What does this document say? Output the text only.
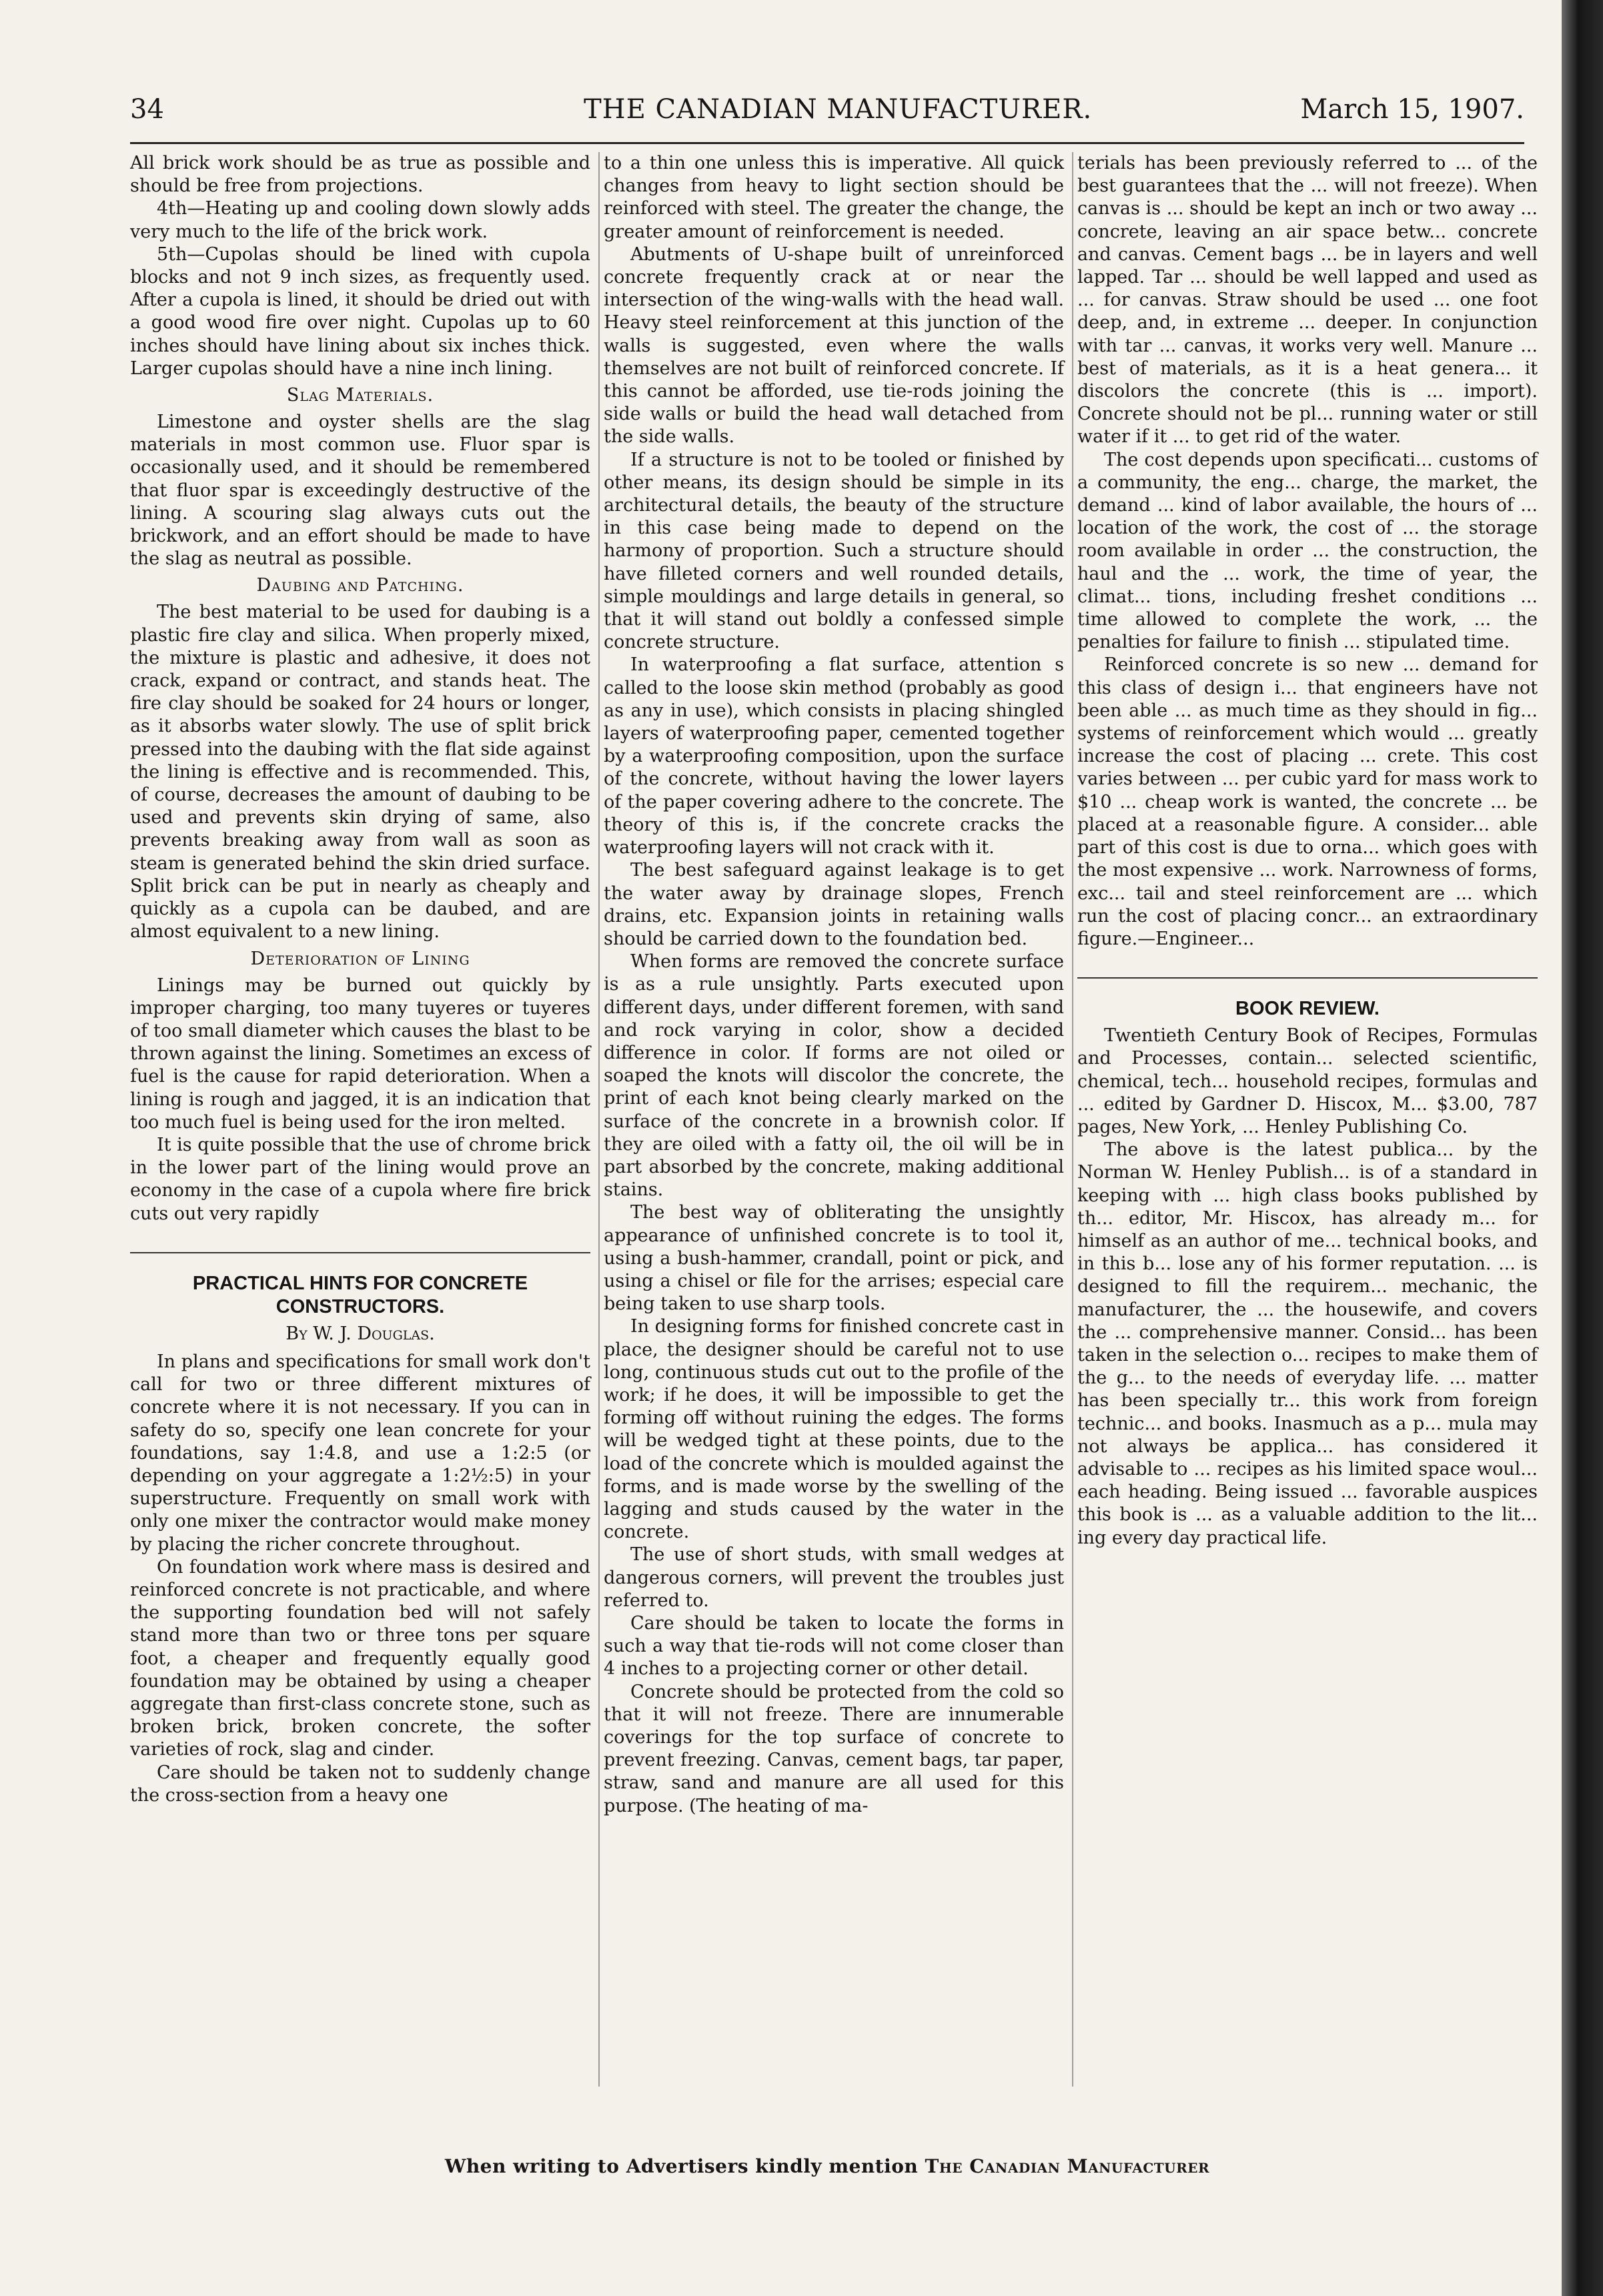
34	THE CANADIAN MANUFACTURER.	March 15, 1907.

All brick work should be as true as possible and should be free from projections.

4th—Heating up and cooling down slowly adds very much to the life of the brick work.

5th—Cupolas should be lined with cupola blocks and not 9 inch sizes, as frequently used. After a cupola is lined, it should be dried out with a good wood fire over night. Cupolas up to 60 inches should have lining about six inches thick. Larger cupolas should have a nine inch lining.

Slag Materials.

Limestone and oyster shells are the slag materials in most common use. Fluor spar is occasionally used, and it should be remembered that fluor spar is exceedingly destructive of the lining. A scouring slag always cuts out the brickwork, and an effort should be made to have the slag as neutral as possible.

Daubing and Patching.

The best material to be used for daubing is a plastic fire clay and silica. When properly mixed, the mixture is plastic and adhesive, it does not crack, expand or contract, and stands heat. The fire clay should be soaked for 24 hours or longer, as it absorbs water slowly. The use of split brick pressed into the daubing with the flat side against the lining is effective and is recommended. This, of course, decreases the amount of daubing to be used and prevents skin drying of same, also prevents breaking away from wall as soon as steam is generated behind the skin dried surface. Split brick can be put in nearly as cheaply and quickly as a cupola can be daubed, and are almost equivalent to a new lining.

Deterioration of Lining

Linings may be burned out quickly by improper charging, too many tuyeres or tuyeres of too small diameter which causes the blast to be thrown against the lining. Sometimes an excess of fuel is the cause for rapid deterioration. When a lining is rough and jagged, it is an indication that too much fuel is being used for the iron melted.

It is quite possible that the use of chrome brick in the lower part of the lining would prove an economy in the case of a cupola where fire brick cuts out very rapidly

PRACTICAL HINTS FOR CONCRETE CONSTRUCTORS.
By W. J. Douglas.

In plans and specifications for small work don't call for two or three different mixtures of concrete where it is not necessary. If you can in safety do so, specify one lean concrete for your foundations, say 1:4.8, and use a 1:2:5 (or depending on your aggregate a 1:2½:5) in your superstructure. Frequently on small work with only one mixer the contractor would make money by placing the richer concrete throughout.

On foundation work where mass is desired and reinforced concrete is not practicable, and where the supporting foundation bed will not safely stand more than two or three tons per square foot, a cheaper and frequently equally good foundation may be obtained by using a cheaper aggregate than first-class concrete stone, such as broken brick, broken concrete, the softer varieties of rock, slag and cinder.

Care should be taken not to suddenly change the cross-section from a heavy one

to a thin one unless this is imperative. All quick changes from heavy to light section should be reinforced with steel. The greater the change, the greater amount of reinforcement is needed.

Abutments of U-shape built of unreinforced concrete frequently crack at or near the intersection of the wing-walls with the head wall. Heavy steel reinforcement at this junction of the walls is suggested, even where the walls themselves are not built of reinforced concrete. If this cannot be afforded, use tie-rods joining the side walls or build the head wall detached from the side walls.

If a structure is not to be tooled or finished by other means, its design should be simple in its architectural details, the beauty of the structure in this case being made to depend on the harmony of proportion. Such a structure should have filleted corners and well rounded details, simple mouldings and large details in general, so that it will stand out boldly a confessed simple concrete structure.

In waterproofing a flat surface, attention s called to the loose skin method (probably as good as any in use), which consists in placing shingled layers of waterproofing paper, cemented together by a waterproofing composition, upon the surface of the concrete, without having the lower layers of the paper covering adhere to the concrete. The theory of this is, if the concrete cracks the waterproofing layers will not crack with it.

The best safeguard against leakage is to get the water away by drainage slopes, French drains, etc. Expansion joints in retaining walls should be carried down to the foundation bed.

When forms are removed the concrete surface is as a rule unsightly. Parts executed upon different days, under different foremen, with sand and rock varying in color, show a decided difference in color. If forms are not oiled or soaped the knots will discolor the concrete, the print of each knot being clearly marked on the surface of the concrete in a brownish color. If they are oiled with a fatty oil, the oil will be in part absorbed by the concrete, making additional stains.

The best way of obliterating the unsightly appearance of unfinished concrete is to tool it, using a bush-hammer, crandall, point or pick, and using a chisel or file for the arrises; especial care being taken to use sharp tools.

In designing forms for finished concrete cast in place, the designer should be careful not to use long, continuous studs cut out to the profile of the work; if he does, it will be impossible to get the forming off without ruining the edges. The forms will be wedged tight at these points, due to the load of the concrete which is moulded against the forms, and is made worse by the swelling of the lagging and studs caused by the water in the concrete.

The use of short studs, with small wedges at dangerous corners, will prevent the troubles just referred to.

Care should be taken to locate the forms in such a way that tie-rods will not come closer than 4 inches to a projecting corner or other detail.

Concrete should be protected from the cold so that it will not freeze. There are innumerable coverings for the top surface of concrete to prevent freezing. Canvas, cement bags, tar paper, straw, sand and manure are all used for this purpose. (The heating of ma-

terials has been previously referred to ... of the best guarantees that the ... will not freeze). When canvas is ... should be kept an inch or two away ... concrete, leaving an air space betw... concrete and canvas. Cement bags ... be in layers and well lapped. Tar ... should be well lapped and used as ... for canvas. Straw should be used ... one foot deep, and, in extreme ... deeper. In conjunction with tar ... canvas, it works very well. Manure ... best of materials, as it is a heat genera... it discolors the concrete (this is ... import). Concrete should not be pl... running water or still water if it ... to get rid of the water.

The cost depends upon specificati... customs of a community, the eng... charge, the market, the demand ... kind of labor available, the hours of ... location of the work, the cost of ... the storage room available in order ... the construction, the haul and the ... work, the time of year, the climat... tions, including freshet conditions ... time allowed to complete the work, ... the penalties for failure to finish ... stipulated time.

Reinforced concrete is so new ... demand for this class of design i... that engineers have not been able ... as much time as they should in fig... systems of reinforcement which would ... greatly increase the cost of placing ... crete. This cost varies between ... per cubic yard for mass work to $10 ... cheap work is wanted, the concrete ... be placed at a reasonable figure. A consider... able part of this cost is due to orna... which goes with the most expensive ... work. Narrowness of forms, exc... tail and steel reinforcement are ... which run the cost of placing concr... an extraordinary figure.—Engineer...

BOOK REVIEW.

Twentieth Century Book of Recipes, Formulas and Processes, contain... selected scientific, chemical, tech... household recipes, formulas and ... edited by Gardner D. Hiscox, M... $3.00, 787 pages, New York, ... Henley Publishing Co.

The above is the latest publica... by the Norman W. Henley Publish... is of a standard in keeping with ... high class books published by th... editor, Mr. Hiscox, has already m... for himself as an author of me... technical books, and in this b... lose any of his former reputation. ... is designed to fill the requirem... mechanic, the manufacturer, the ... the housewife, and covers the ... comprehensive manner. Consid... has been taken in the selection o... recipes to make them of the g... to the needs of everyday life. ... matter has been specially tr... this work from foreign technic... and books. Inasmuch as a p... mula may not always be applica... has considered it advisable to ... recipes as his limited space woul... each heading. Being issued ... favorable auspices this book is ... as a valuable addition to the lit... ing every day practical life.

When writing to Advertisers kindly mention The Canadian Manufacturer
